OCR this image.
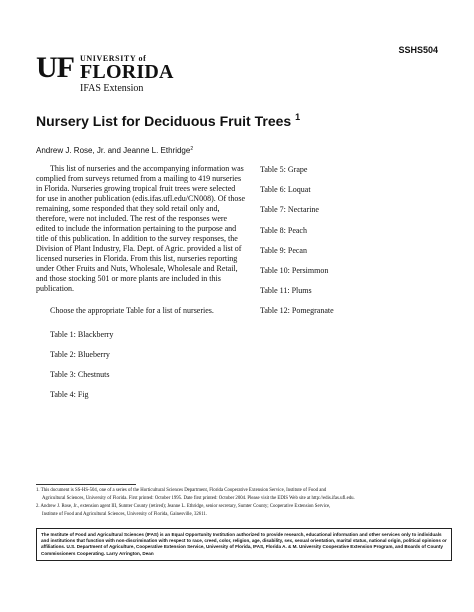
SSHS504
UF UNIVERSITY of
FLORIDA
IFAS Extension
Nursery List for Deciduous Fruit Trees $^1$
Andrew J. Rose, Jr. and Jeanne L. Ethridge$^2$

This list of nurseries and the accompanying information was complied from surveys returned from a mailing to 419 nurseries in Florida. Nurseries growing tropical fruit trees were selected for use in another publication (edis.ifas.ufl.edu/CN008). Of those remaining, some responded that they sold retail only and, therefore, were not included. The rest of the responses were edited to include the information pertaining to the purpose and title of this publication. In addition to the survey responses, the Division of Plant Industry, Fla. Dept. of Agric. provided a list of licensed nurseries in Florida. From this list, nurseries reporting under Other Fruits and Nuts, Wholesale, Wholesale and Retail, and those stocking 501 or more plants are included in this publication.

Choose the appropriate Table for a list of nurseries.

Table 1: Blackberry
Table 2: Blueberry
Table 3: Chestnuts
Table 4: Fig
Table 5: Grape
Table 6: Loquat
Table 7: Nectarine
Table 8: Peach
Table 9: Pecan
Table 10: Persimmon
Table 11: Plums
Table 12: Pomegranate

1. This document is SS-HS-504, one of a series of the Horticultural Sciences Department, Florida Cooperative Extension Service, Institute of Food and

Agricultural Sciences, University of Florida. First printed: October 1995. Date first printed: October 2004. Please visit the EDIS Web site at http://edis.ifas.ufl.edu.

2. Andrew J. Rose, Jr., extension agent III, Sumter County (retired); Jeanne L. Ethridge, senior secretary, Sumter County; Cooperative Extension Service,

Institute of Food and Agricultural Sciences, University of Florida, Gainesville, 32611.

The Institute of Food and Agricultural Sciences (IFAS) is an Equal Opportunity Institution authorized to provide research, educational information and other services only to individuals and institutions that function with non-discrimination with respect to race, creed, color, religion, age, disability, sex, sexual orientation, marital status, national origin, political opinions or affiliations. U.S. Department of Agriculture, Cooperative Extension Service, University of Florida, IFAS, Florida A. & M. University Cooperative Extension Program, and Boards of County Commissioners Cooperating. Larry Arrington, Dean
